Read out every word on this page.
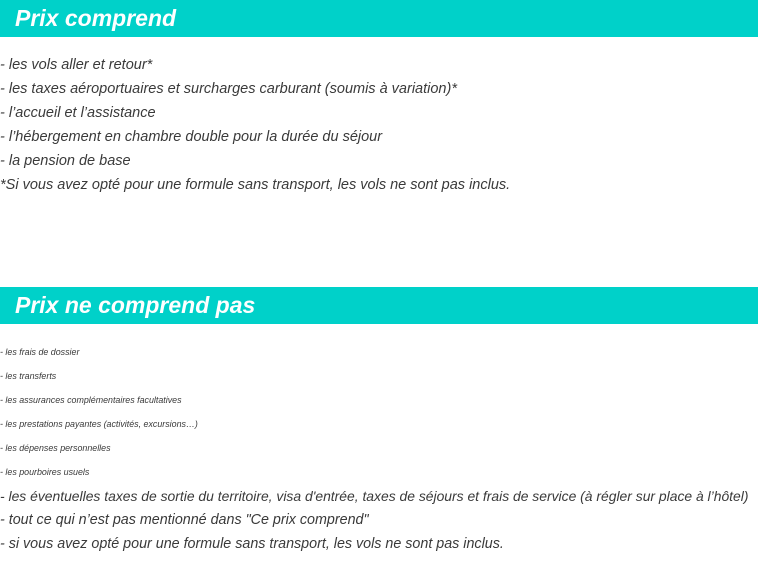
Prix comprend
- les vols aller et retour*
- les taxes aéroportuaires et surcharges carburant (soumis à variation)*
- l’accueil et l’assistance
- l’hébergement en chambre double pour la durée du séjour
- la pension de base
*Si vous avez opté pour une formule sans transport, les vols ne sont pas inclus.
Prix ne comprend pas
- les frais de dossier
- les transferts
- les assurances complémentaires facultatives
- les prestations payantes (activités, excursions…)
- les dépenses personnelles
- les pourboires usuels
- les éventuelles taxes de sortie du territoire, visa d'entrée, taxes de séjours et frais de service (à régler sur place à l’hôtel)
- tout ce qui n’est pas mentionné dans "Ce prix comprend"
- si vous avez opté pour une formule sans transport, les vols ne sont pas inclus.
